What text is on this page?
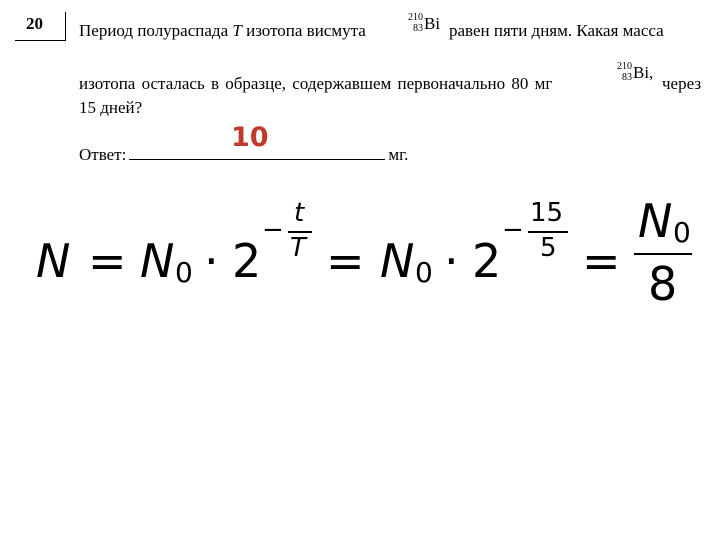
20 Период полураспада T изотопа висмута
210
83 Bi равен пяти дням. Какая масса
изотопа осталась в образце, содержавшем первоначально 80 мг
210
83 Bi,
через
15 дней?
Ответ:	мг.
10
N = N 0 · 2
−
t
T = N 0 · 2
−
15
5 =
N 0
8
